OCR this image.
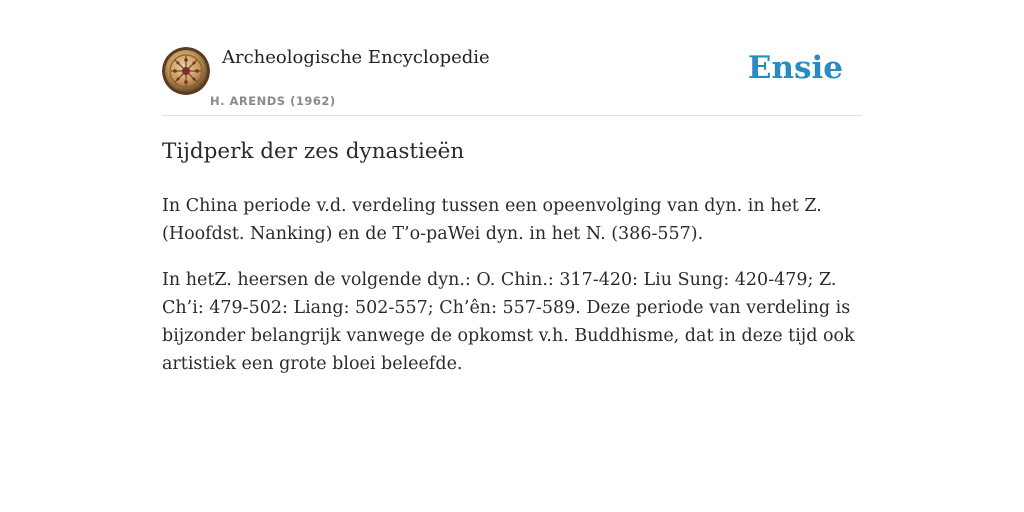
Archeologische Encyclopedie
H. ARENDS (1962)
Ensie
Tijdperk der zes dynastieën

In China periode v.d. verdeling tussen een opeenvolging van dyn. in het Z. (Hoofdst. Nanking) en de T’o-paWei dyn. in het N. (386-557).

In hetZ. heersen de volgende dyn.: O. Chin.: 317-420: Liu Sung: 420-479; Z. Ch’i: 479-502: Liang: 502-557; Ch’ên: 557-589. Deze periode van verdeling is bijzonder belangrijk vanwege de opkomst v.h. Buddhisme, dat in deze tijd ook artistiek een grote bloei beleefde.
